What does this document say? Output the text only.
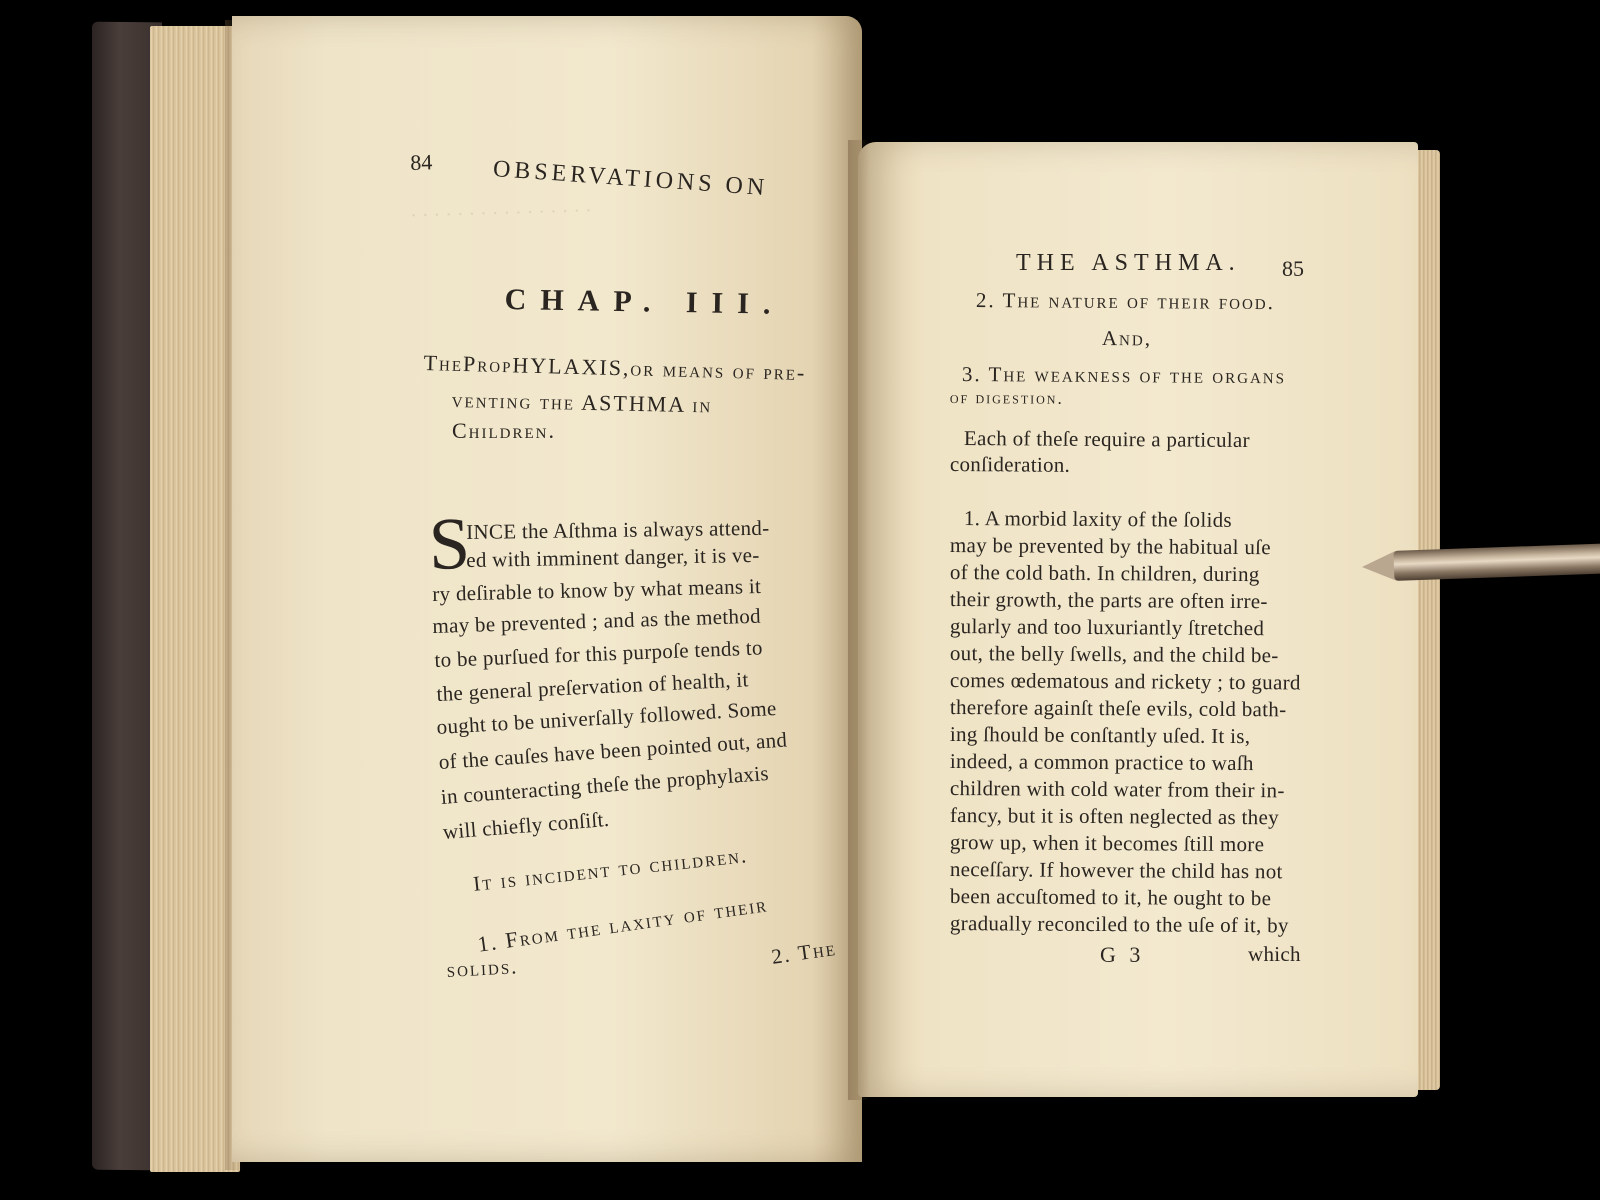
· · · · · · · · · · · · · · · ·
84 OBSERVATIONS ON
CHAP. III.
ThePropHYLAXIS,or means of pre-
venting the ASTHMA in
Children.
S
INCE the Aſthma is always attend-
ed with imminent danger, it is ve-
ry deſirable to know by what means it
may be prevented ; and as the method
to be purſued for this purpoſe tends to
the general preſervation of health, it
ought to be univerſally followed. Some
of the cauſes have been pointed out, and
in counteracting theſe the prophylaxis
will chiefly conſiſt.
It is incident to children.
1. From the laxity of their
solids.	2. The
THE ASTHMA. 85
2. The nature of their food.
And,
3. The weakness of the organs
of digestion.
Each of theſe require a particular
conſideration.
1. A morbid laxity of the ſolids
may be prevented by the habitual uſe
of the cold bath. In children, during
their growth, the parts are often irre-
gularly and too luxuriantly ſtretched
out, the belly ſwells, and the child be-
comes œdematous and rickety ; to guard
therefore againſt theſe evils, cold bath-
ing ſhould be conſtantly uſed. It is,
indeed, a common practice to waſh
children with cold water from their in-
fancy, but it is often neglected as they
grow up, when it becomes ſtill more
neceſſary. If however the child has not
been accuſtomed to it, he ought to be
gradually reconciled to the uſe of it, by
G 3	which
